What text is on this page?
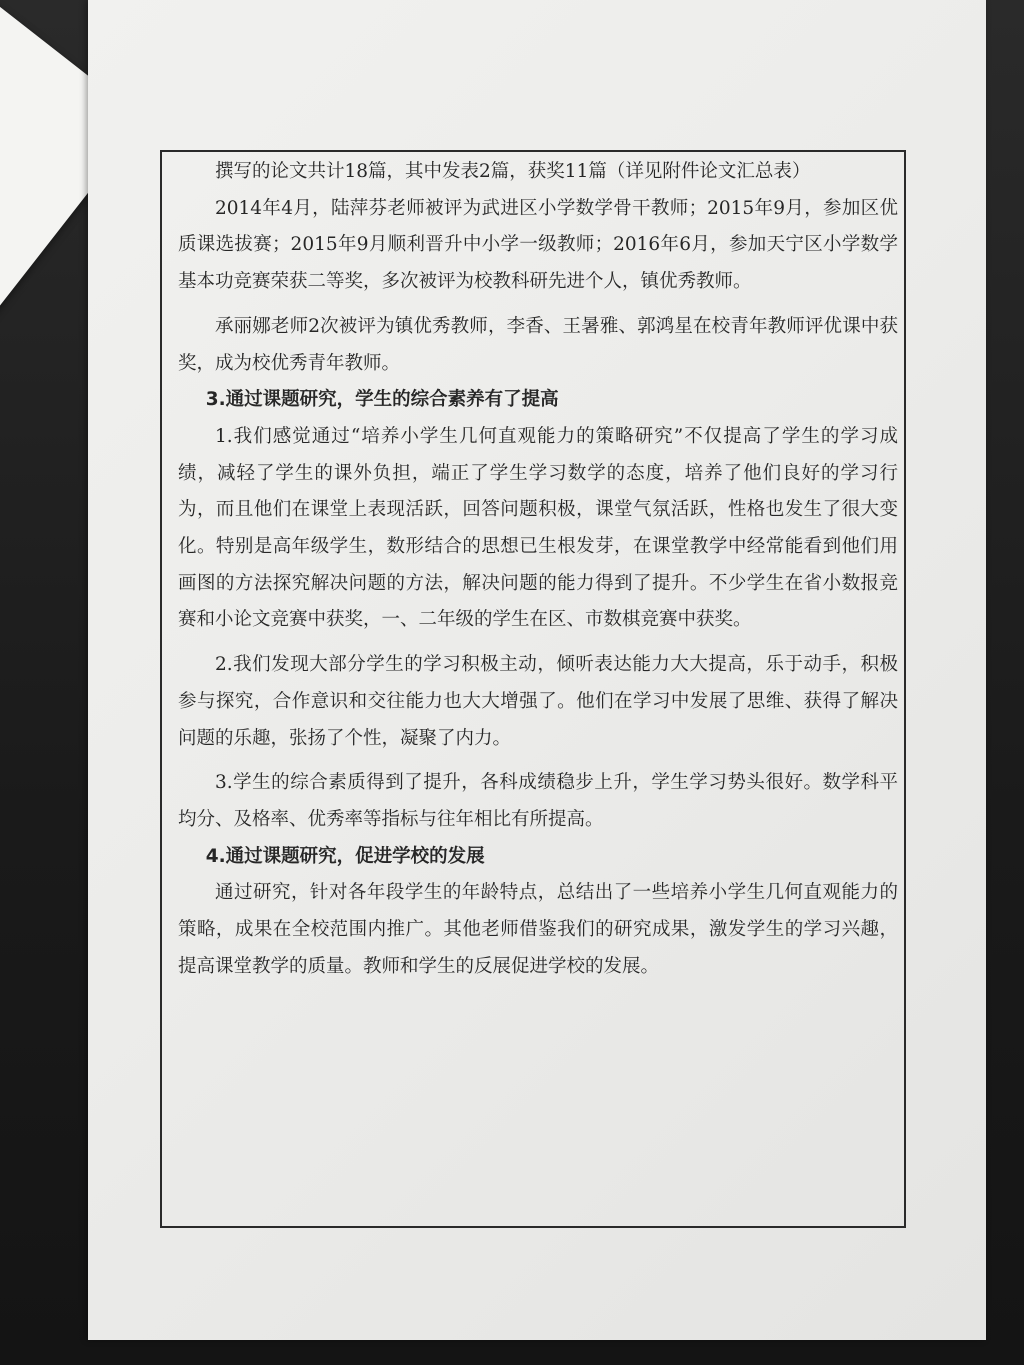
撰写的论文共计18篇，其中发表2篇，获奖11篇（详见附件论文汇总表）

2014年4月，陆萍芬老师被评为武进区小学数学骨干教师；2015年9月，参加区优质课选拔赛；2015年9月顺利晋升中小学一级教师；2016年6月，参加天宁区小学数学基本功竞赛荣获二等奖，多次被评为校教科研先进个人，镇优秀教师。

承丽娜老师2次被评为镇优秀教师，李香、王暑雅、郭鸿星在校青年教师评优课中获奖，成为校优秀青年教师。

3.通过课题研究，学生的综合素养有了提高

1.我们感觉通过“培养小学生几何直观能力的策略研究”不仅提高了学生的学习成绩，减轻了学生的课外负担，端正了学生学习数学的态度，培养了他们良好的学习行为，而且他们在课堂上表现活跃，回答问题积极，课堂气氛活跃，性格也发生了很大变化。特别是高年级学生，数形结合的思想已生根发芽，在课堂教学中经常能看到他们用画图的方法探究解决问题的方法，解决问题的能力得到了提升。不少学生在省小数报竞赛和小论文竞赛中获奖，一、二年级的学生在区、市数棋竞赛中获奖。

2.我们发现大部分学生的学习积极主动，倾听表达能力大大提高，乐于动手，积极参与探究，合作意识和交往能力也大大增强了。他们在学习中发展了思维、获得了解决问题的乐趣，张扬了个性，凝聚了内力。

3.学生的综合素质得到了提升，各科成绩稳步上升，学生学习势头很好。数学科平均分、及格率、优秀率等指标与往年相比有所提高。

4.通过课题研究，促进学校的发展

通过研究，针对各年段学生的年龄特点，总结出了一些培养小学生几何直观能力的策略，成果在全校范围内推广。其他老师借鉴我们的研究成果，激发学生的学习兴趣，提高课堂教学的质量。教师和学生的反展促进学校的发展。
